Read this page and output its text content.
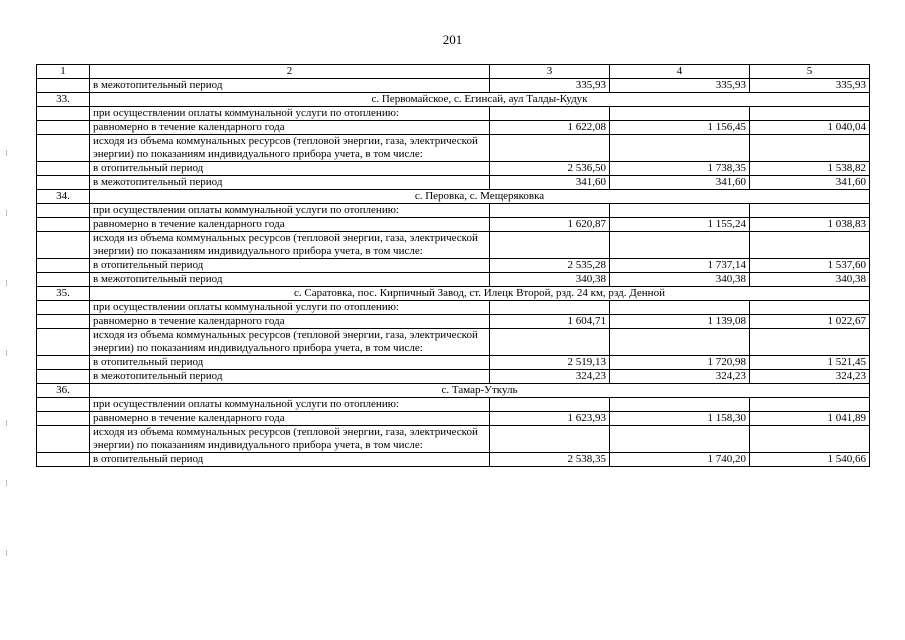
201
1	2	3	4	5
	в межотопительный период	335,93	335,93	335,93
33.	с. Первомайское, с. Егинсай, аул Талды-Кудук			
	при осуществлении оплаты коммунальной услуги по отоплению:			
	равномерно в течение календарного года	1 622,08	1 156,45	1 040,04
	исходя из объема коммунальных ресурсов (тепловой энергии, газа, электрической энергии) по показаниям индивидуального прибора учета, в том числе:			
	в отопительный период	2 536,50	1 738,35	1 538,82
	в межотопительный период	341,60	341,60	341,60
34.	с. Перовка, с. Мещеряковка			
	при осуществлении оплаты коммунальной услуги по отоплению:			
	равномерно в течение календарного года	1 620,87	1 155,24	1 038,83
	исходя из объема коммунальных ресурсов (тепловой энергии, газа, электрической энергии) по показаниям индивидуального прибора учета, в том числе:			
	в отопительный период	2 535,28	1 737,14	1 537,60
	в межотопительный период	340,38	340,38	340,38
35.	с. Саратовка, пос. Кирпичный Завод, ст. Илецк Второй, рзд. 24 км, рзд. Денной			
	при осуществлении оплаты коммунальной услуги по отоплению:			
	равномерно в течение календарного года	1 604,71	1 139,08	1 022,67
	исходя из объема коммунальных ресурсов (тепловой энергии, газа, электрической энергии) по показаниям индивидуального прибора учета, в том числе:			
	в отопительный период	2 519,13	1 720,98	1 521,45
	в межотопительный период	324,23	324,23	324,23
36.	с. Тамар-Уткуль			
	при осуществлении оплаты коммунальной услуги по отоплению:			
	равномерно в течение календарного года	1 623,93	1 158,30	1 041,89
	исходя из объема коммунальных ресурсов (тепловой энергии, газа, электрической энергии) по показаниям индивидуального прибора учета, в том числе:			
	в отопительный период	2 538,35	1 740,20	1 540,66
